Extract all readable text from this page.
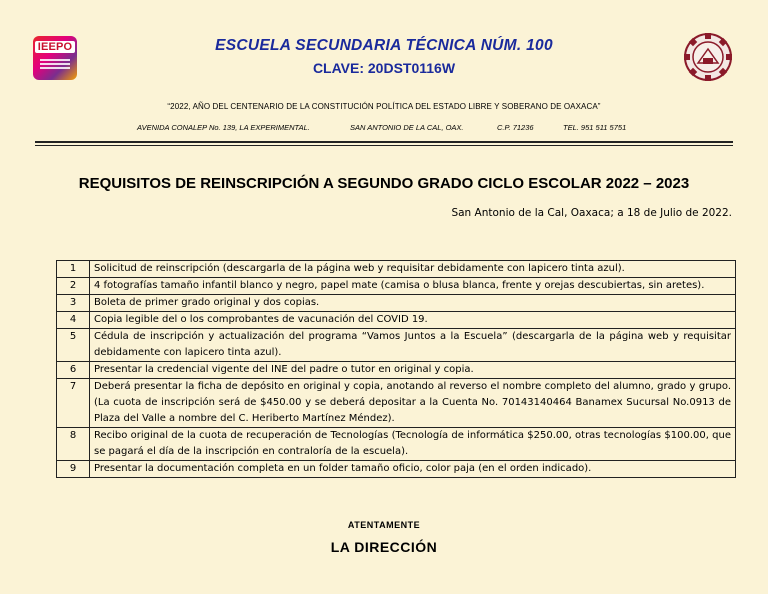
IEEPO	ESCUELA SECUNDARIA TÉCNICA NÚM. 100
CLAVE: 20DST0116W
“2022, AÑO DEL CENTENARIO DE LA CONSTITUCIÓN POLÍTICA DEL ESTADO LIBRE Y SOBERANO DE OAXACA”
AVENIDA CONALEP No. 139, LA EXPERIMENTAL.	SAN ANTONIO DE LA CAL, OAX.	C.P. 71236	TEL. 951 511 5751
REQUISITOS DE REINSCRIPCIÓN A SEGUNDO GRADO CICLO ESCOLAR 2022 – 2023
San Antonio de la Cal, Oaxaca; a 18 de Julio de 2022.
1	Solicitud de reinscripción (descargarla de la página web y requisitar debidamente con lapicero tinta azul).
2	4 fotografías tamaño infantil blanco y negro, papel mate (camisa o blusa blanca, frente y orejas descubiertas, sin aretes).
3	Boleta de primer grado original y dos copias.
4	Copia legible del o los comprobantes de vacunación del COVID 19.
5	Cédula de inscripción y actualización del programa “Vamos Juntos a la Escuela” (descargarla de la página web y requisitar debidamente con lapicero tinta azul).
6	Presentar la credencial vigente del INE del padre o tutor en original y copia.
7	Deberá presentar la ficha de depósito en original y copia, anotando al reverso el nombre completo del alumno, grado y grupo. (La cuota de inscripción será de $450.00 y se deberá depositar a la Cuenta No. 70143140464 Banamex Sucursal No.0913 de Plaza del Valle a nombre del C. Heriberto Martínez Méndez).
8	Recibo original de la cuota de recuperación de Tecnologías (Tecnología de informática $250.00, otras tecnologías $100.00, que se pagará el día de la inscripción en contraloría de la escuela).
9	Presentar la documentación completa en un folder tamaño oficio, color paja (en el orden indicado).
ATENTAMENTE
LA DIRECCIÓN
